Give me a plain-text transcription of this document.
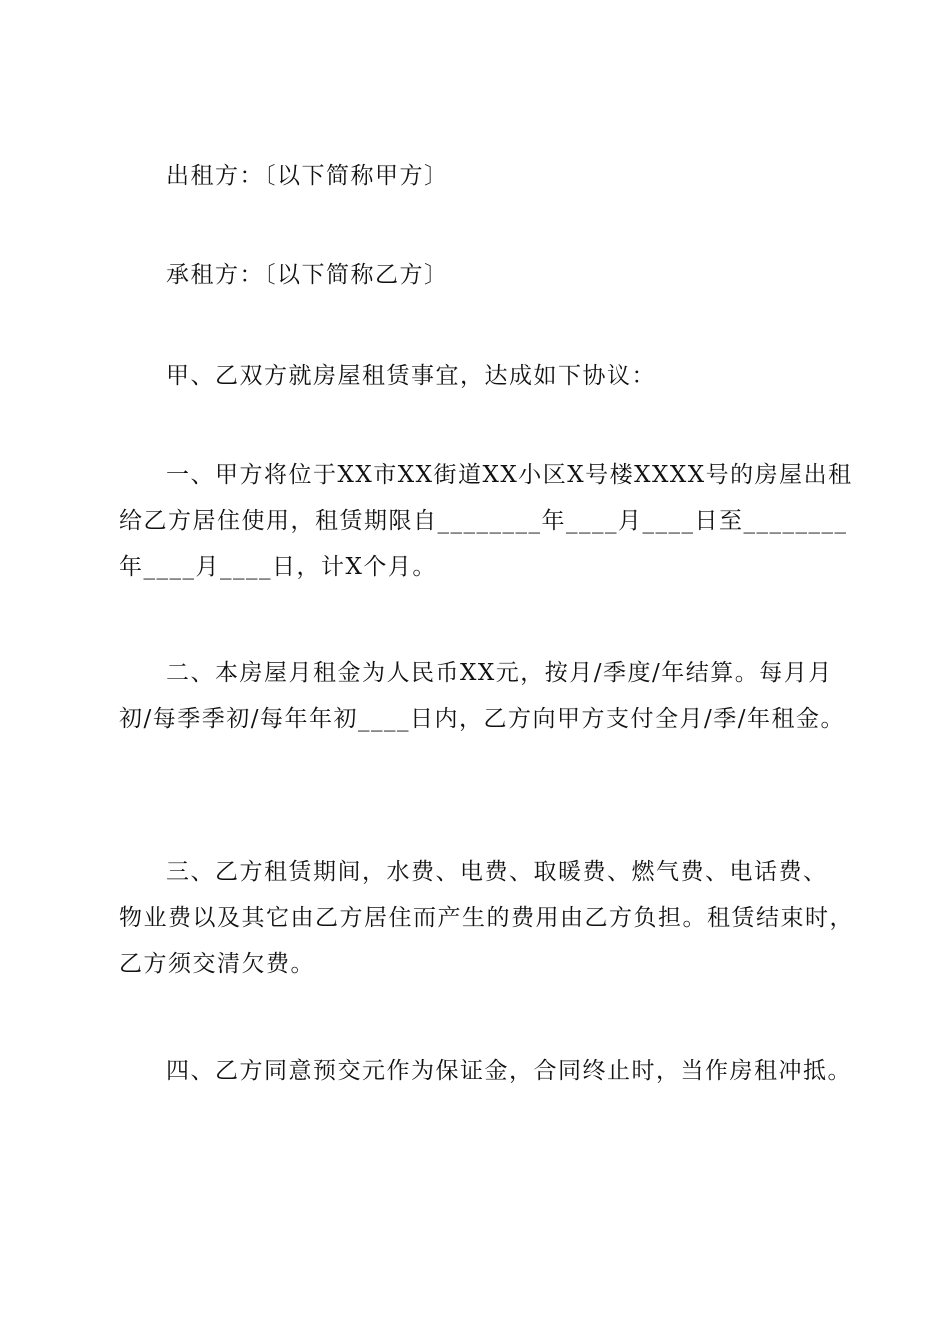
出租方：〔以下简称甲方〕

承租方：〔以下简称乙方〕

甲、乙双方就房屋租赁事宜，达成如下协议：

一、甲方将位于XX市XX街道XX小区X号楼XXXX号的房屋出租
给乙方居住使用，租赁期限自________年____月____日至________
年____月____日，计X个月。

二、本房屋月租金为人民币XX元，按月/季度/年结算。每月月
初/每季季初/每年年初____日内，乙方向甲方支付全月/季/年租金。

三、乙方租赁期间，水费、电费、取暖费、燃气费、电话费、
物业费以及其它由乙方居住而产生的费用由乙方负担。租赁结束时，
乙方须交清欠费。

四、乙方同意预交元作为保证金，合同终止时，当作房租冲抵。
